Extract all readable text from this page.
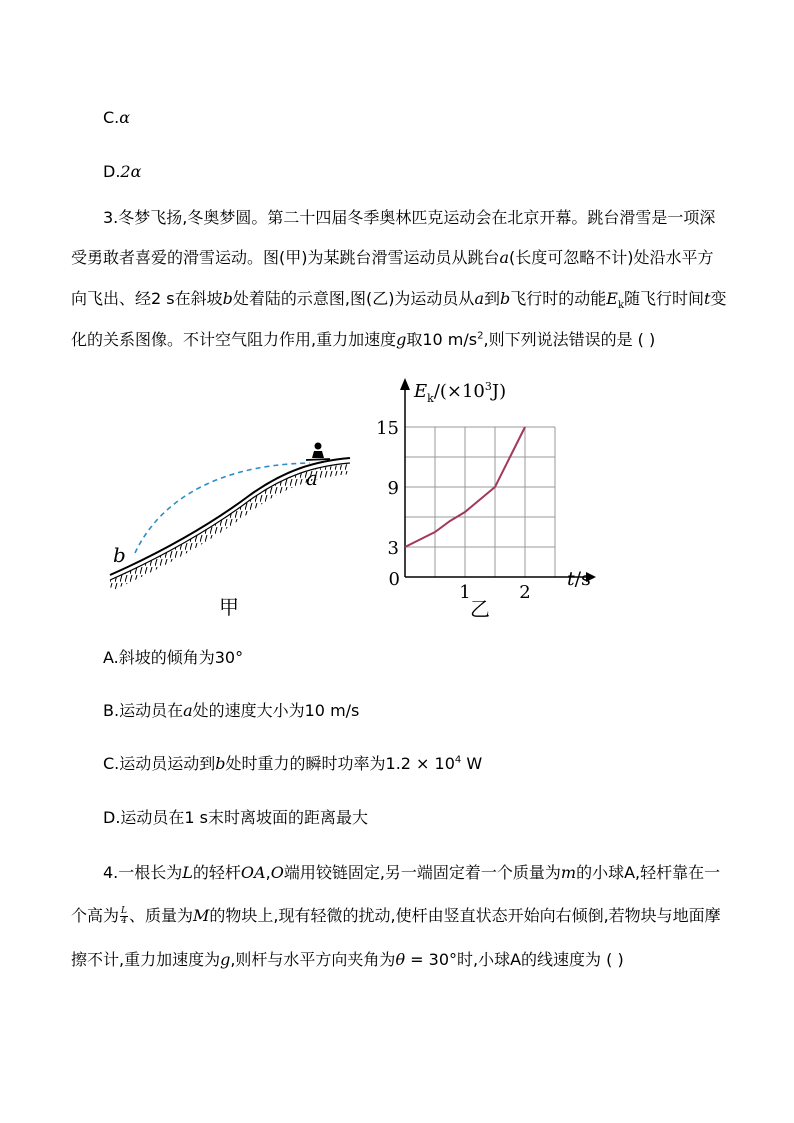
C.α
D.2α
3.冬梦飞扬,冬奥梦圆。第二十四届冬季奥林匹克运动会在北京开幕。跳台滑雪是一项深
受勇敢者喜爱的滑雪运动。图(甲)为某跳台滑雪运动员从跳台a(长度可忽略不计)处沿水平方
向飞出、经2 s在斜坡b处着陆的示意图,图(乙)为运动员从a到b飞行时的动能$E_k$随飞行时间t变
化的关系图像。不计空气阻力作用,重力加速度g取10 $m/s^2$,则下列说法错误的是 ( )
a
b
甲
1	2
3
9
15
0	t/s
$E_k/(\times 10^3J)$
乙
A.斜坡的倾角为30°
B.运动员在a处的速度大小为10 m/s
C.运动员运动到b处时重力的瞬时功率为$1.2 \times 10^4$ W
D.运动员在1 s末时离坡面的距离最大
4.一根长为L的轻杆OA,O端用铰链固定,另一端固定着一个质量为m的小球A,轻杆靠在一
个高为 $\frac{L}{4}$ 、质量为M的物块上,现有轻微的扰动,使杆由竖直状态开始向右倾倒,若物块与地面摩
擦不计,重力加速度为g,则杆与水平方向夹角为θ = 30°时,小球A的线速度为 ( )
